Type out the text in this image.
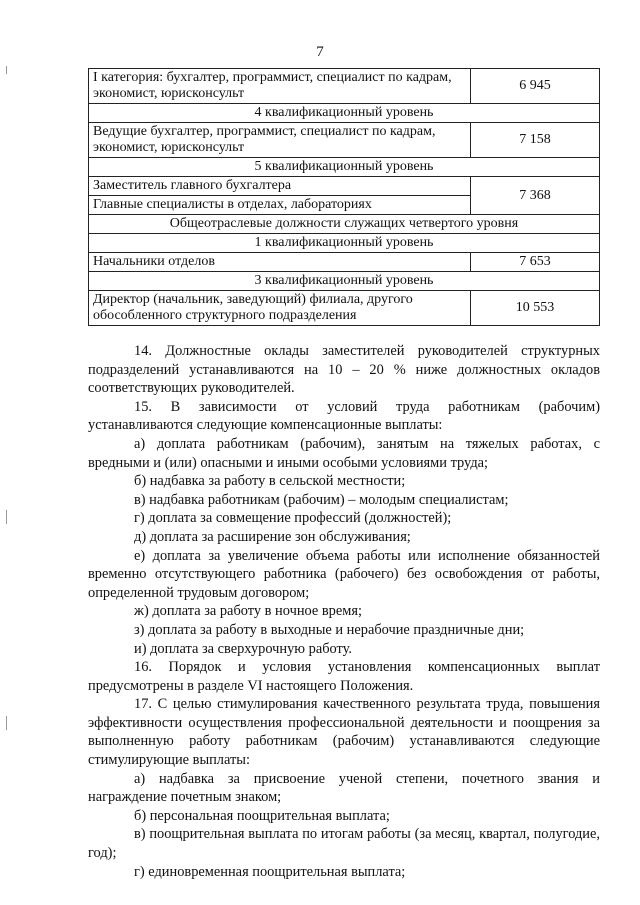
7
I категория: бухгалтер, программист, специалист по кадрам, экономист, юрисконсульт	6 945
4 квалификационный уровень	
Ведущие бухгалтер, программист, специалист по кадрам, экономист, юрисконсульт	7 158
5 квалификационный уровень	
Заместитель главного бухгалтера	7 368
Главные специалисты в отделах, лабораториях	
Общеотраслевые должности служащих четвертого уровня	
1 квалификационный уровень	
Начальники отделов	7 653
3 квалификационный уровень	
Директор (начальник, заведующий) филиала, другого обособленного структурного подразделения	10 553

14. Должностные оклады заместителей руководителей структурных подразделений устанавливаются на 10 – 20 % ниже должностных окладов соответствующих руководителей.

15. В зависимости от условий труда работникам (рабочим) устанавливаются следующие компенсационные выплаты:

а) доплата работникам (рабочим), занятым на тяжелых работах, с вредными и (или) опасными и иными особыми условиями труда;

б) надбавка за работу в сельской местности;

в) надбавка работникам (рабочим) – молодым специалистам;

г) доплата за совмещение профессий (должностей);

д) доплата за расширение зон обслуживания;

е) доплата за увеличение объема работы или исполнение обязанностей временно отсутствующего работника (рабочего) без освобождения от работы, определенной трудовым договором;

ж) доплата за работу в ночное время;

з) доплата за работу в выходные и нерабочие праздничные дни;

и) доплата за сверхурочную работу.

16. Порядок и условия установления компенсационных выплат предусмотрены в разделе VI настоящего Положения.

17. С целью стимулирования качественного результата труда, повышения эффективности осуществления профессиональной деятельности и поощрения за выполненную работу работникам (рабочим) устанавливаются следующие стимулирующие выплаты:

а) надбавка за присвоение ученой степени, почетного звания и награждение почетным знаком;

б) персональная поощрительная выплата;

в) поощрительная выплата по итогам работы (за месяц, квартал, полугодие, год);

г) единовременная поощрительная выплата;
